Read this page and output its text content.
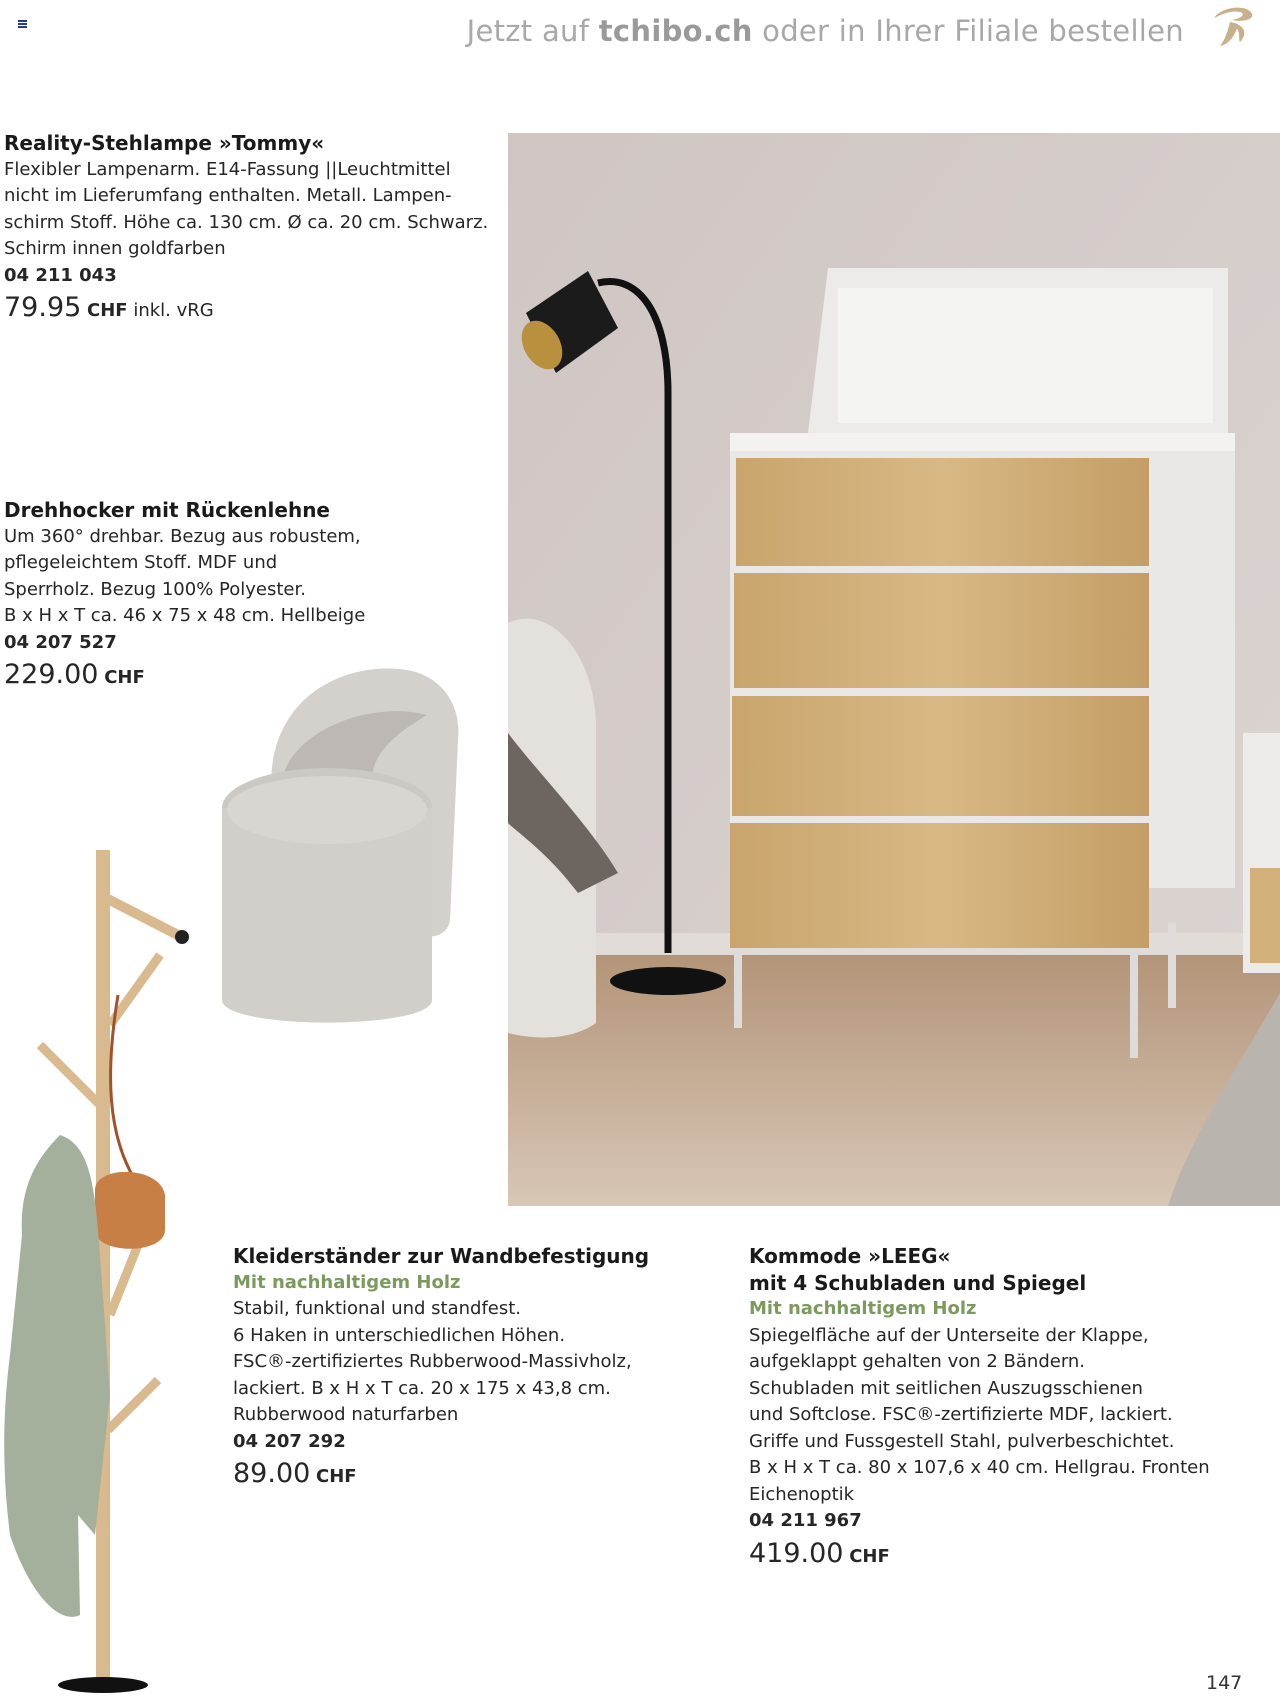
Jetzt auf tchibo.ch oder in Ihrer Filiale bestellen
Reality-Stehlampe »Tommy«
Flexibler Lampenarm. E14-Fassung ||Leuchtmittel
nicht im Lieferumfang enthalten. Metall. Lampen-
schirm Stoff. Höhe ca. 130 cm. Ø ca. 20 cm. Schwarz.
Schirm innen goldfarben
04 211 043
79.95 CHF inkl. vRG
Drehhocker mit Rückenlehne
Um 360° drehbar. Bezug aus robustem,
pflegeleichtem Stoff. MDF und
Sperrholz. Bezug 100% Polyester.
B x H x T ca. 46 x 75 x 48 cm. Hellbeige
04 207 527
229.00 CHF
Kleiderständer zur Wandbefestigung
Mit nachhaltigem Holz
Stabil, funktional und standfest.
6 Haken in unterschiedlichen Höhen.
FSC®-zertifiziertes Rubberwood-Massivholz,
lackiert. B x H x T ca. 20 x 175 x 43,8 cm.
Rubberwood naturfarben
04 207 292
89.00 CHF
Kommode »LEEG«
mit 4 Schubladen und Spiegel
Mit nachhaltigem Holz
Spiegelfläche auf der Unterseite der Klappe,
aufgeklappt gehalten von 2 Bändern.
Schubladen mit seitlichen Auszugsschienen
und Softclose. FSC®-zertifizierte MDF, lackiert.
Griffe und Fussgestell Stahl, pulverbeschichtet.
B x H x T ca. 80 x 107,6 x 40 cm. Hellgrau. Fronten
Eichenoptik
04 211 967
419.00 CHF
147
